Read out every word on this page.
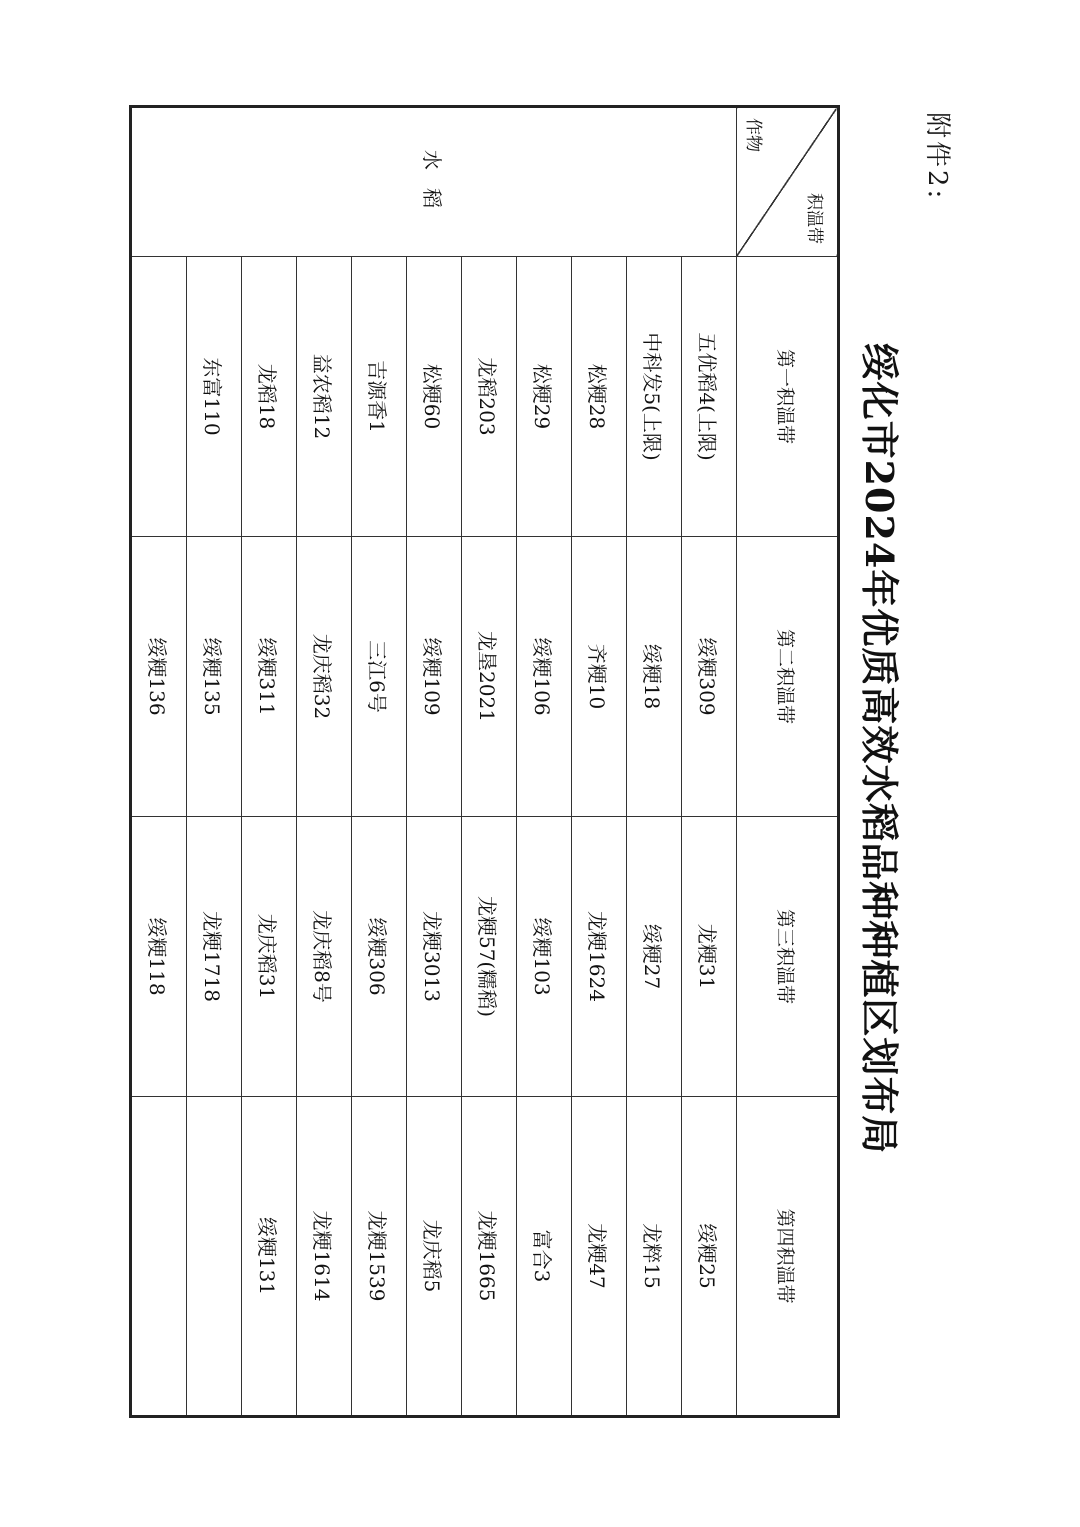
附件2:
绥化市2024年优质高效水稻品种种植区划布局
积温带
作物	第一积温带	第二积温带	第三积温带	第四积温带
水 稻	五优稻4(上限)	绥粳309	龙粳31	绥粳25
	中科发5(上限)	绥粳18	绥粳27	龙粹15
	松粳28	齐粳10	龙粳1624	龙粳47
	松粳29	绥粳106	绥粳103	富合3
	龙稻203	龙垦2021	龙粳57(糯稻)	龙粳1665
	松粳60	绥粳109	龙粳3013	龙庆稻5
	吉源香1	三江6号	绥粳306	龙粳1539
	益农稻12	龙庆稻32	龙庆稻8号	龙粳1614
	龙稻18	绥粳311	龙庆稻31	绥粳131
	东富110	绥粳135	龙粳1718	
		绥粳136	绥粳118	
